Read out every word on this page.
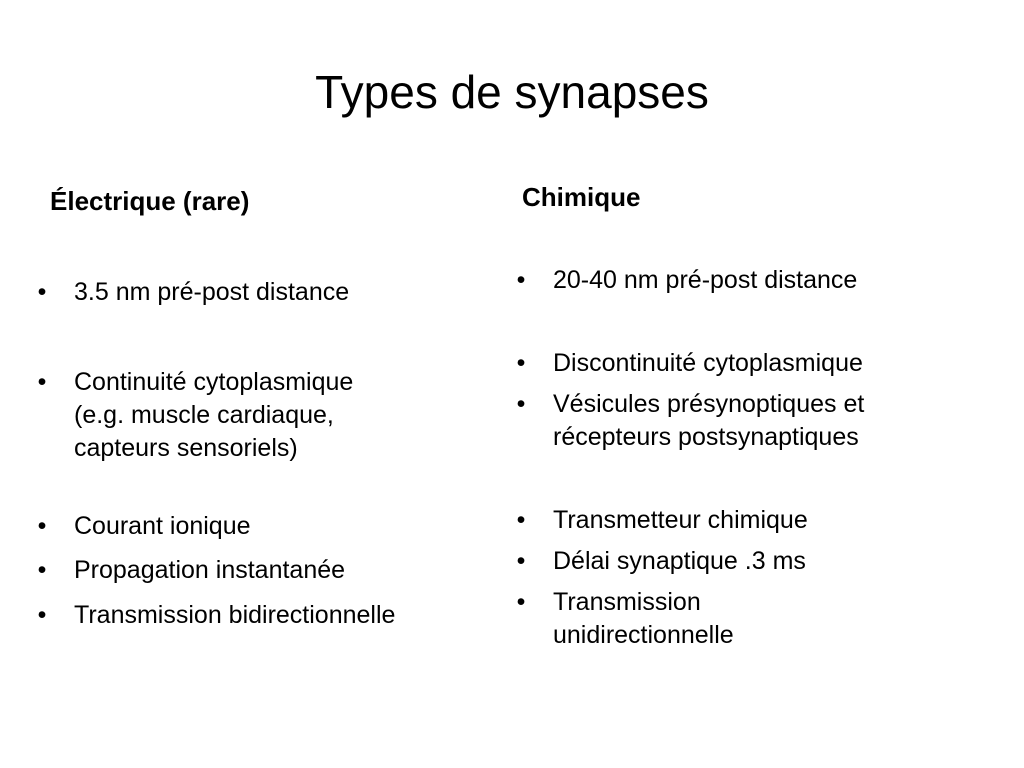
Types de synapses
Électrique (rare)	Chimique
• 3.5 nm pré-post distance
• Continuité cytoplasmique
(e.g. muscle cardiaque,
capteurs sensoriels)
• Courant ionique
• Propagation instantanée
• Transmission bidirectionnelle
• 20-40 nm pré-post distance
• Discontinuité cytoplasmique
• Vésicules présynoptiques et
récepteurs postsynaptiques
• Transmetteur chimique
• Délai synaptique .3 ms
• Transmission
unidirectionnelle
